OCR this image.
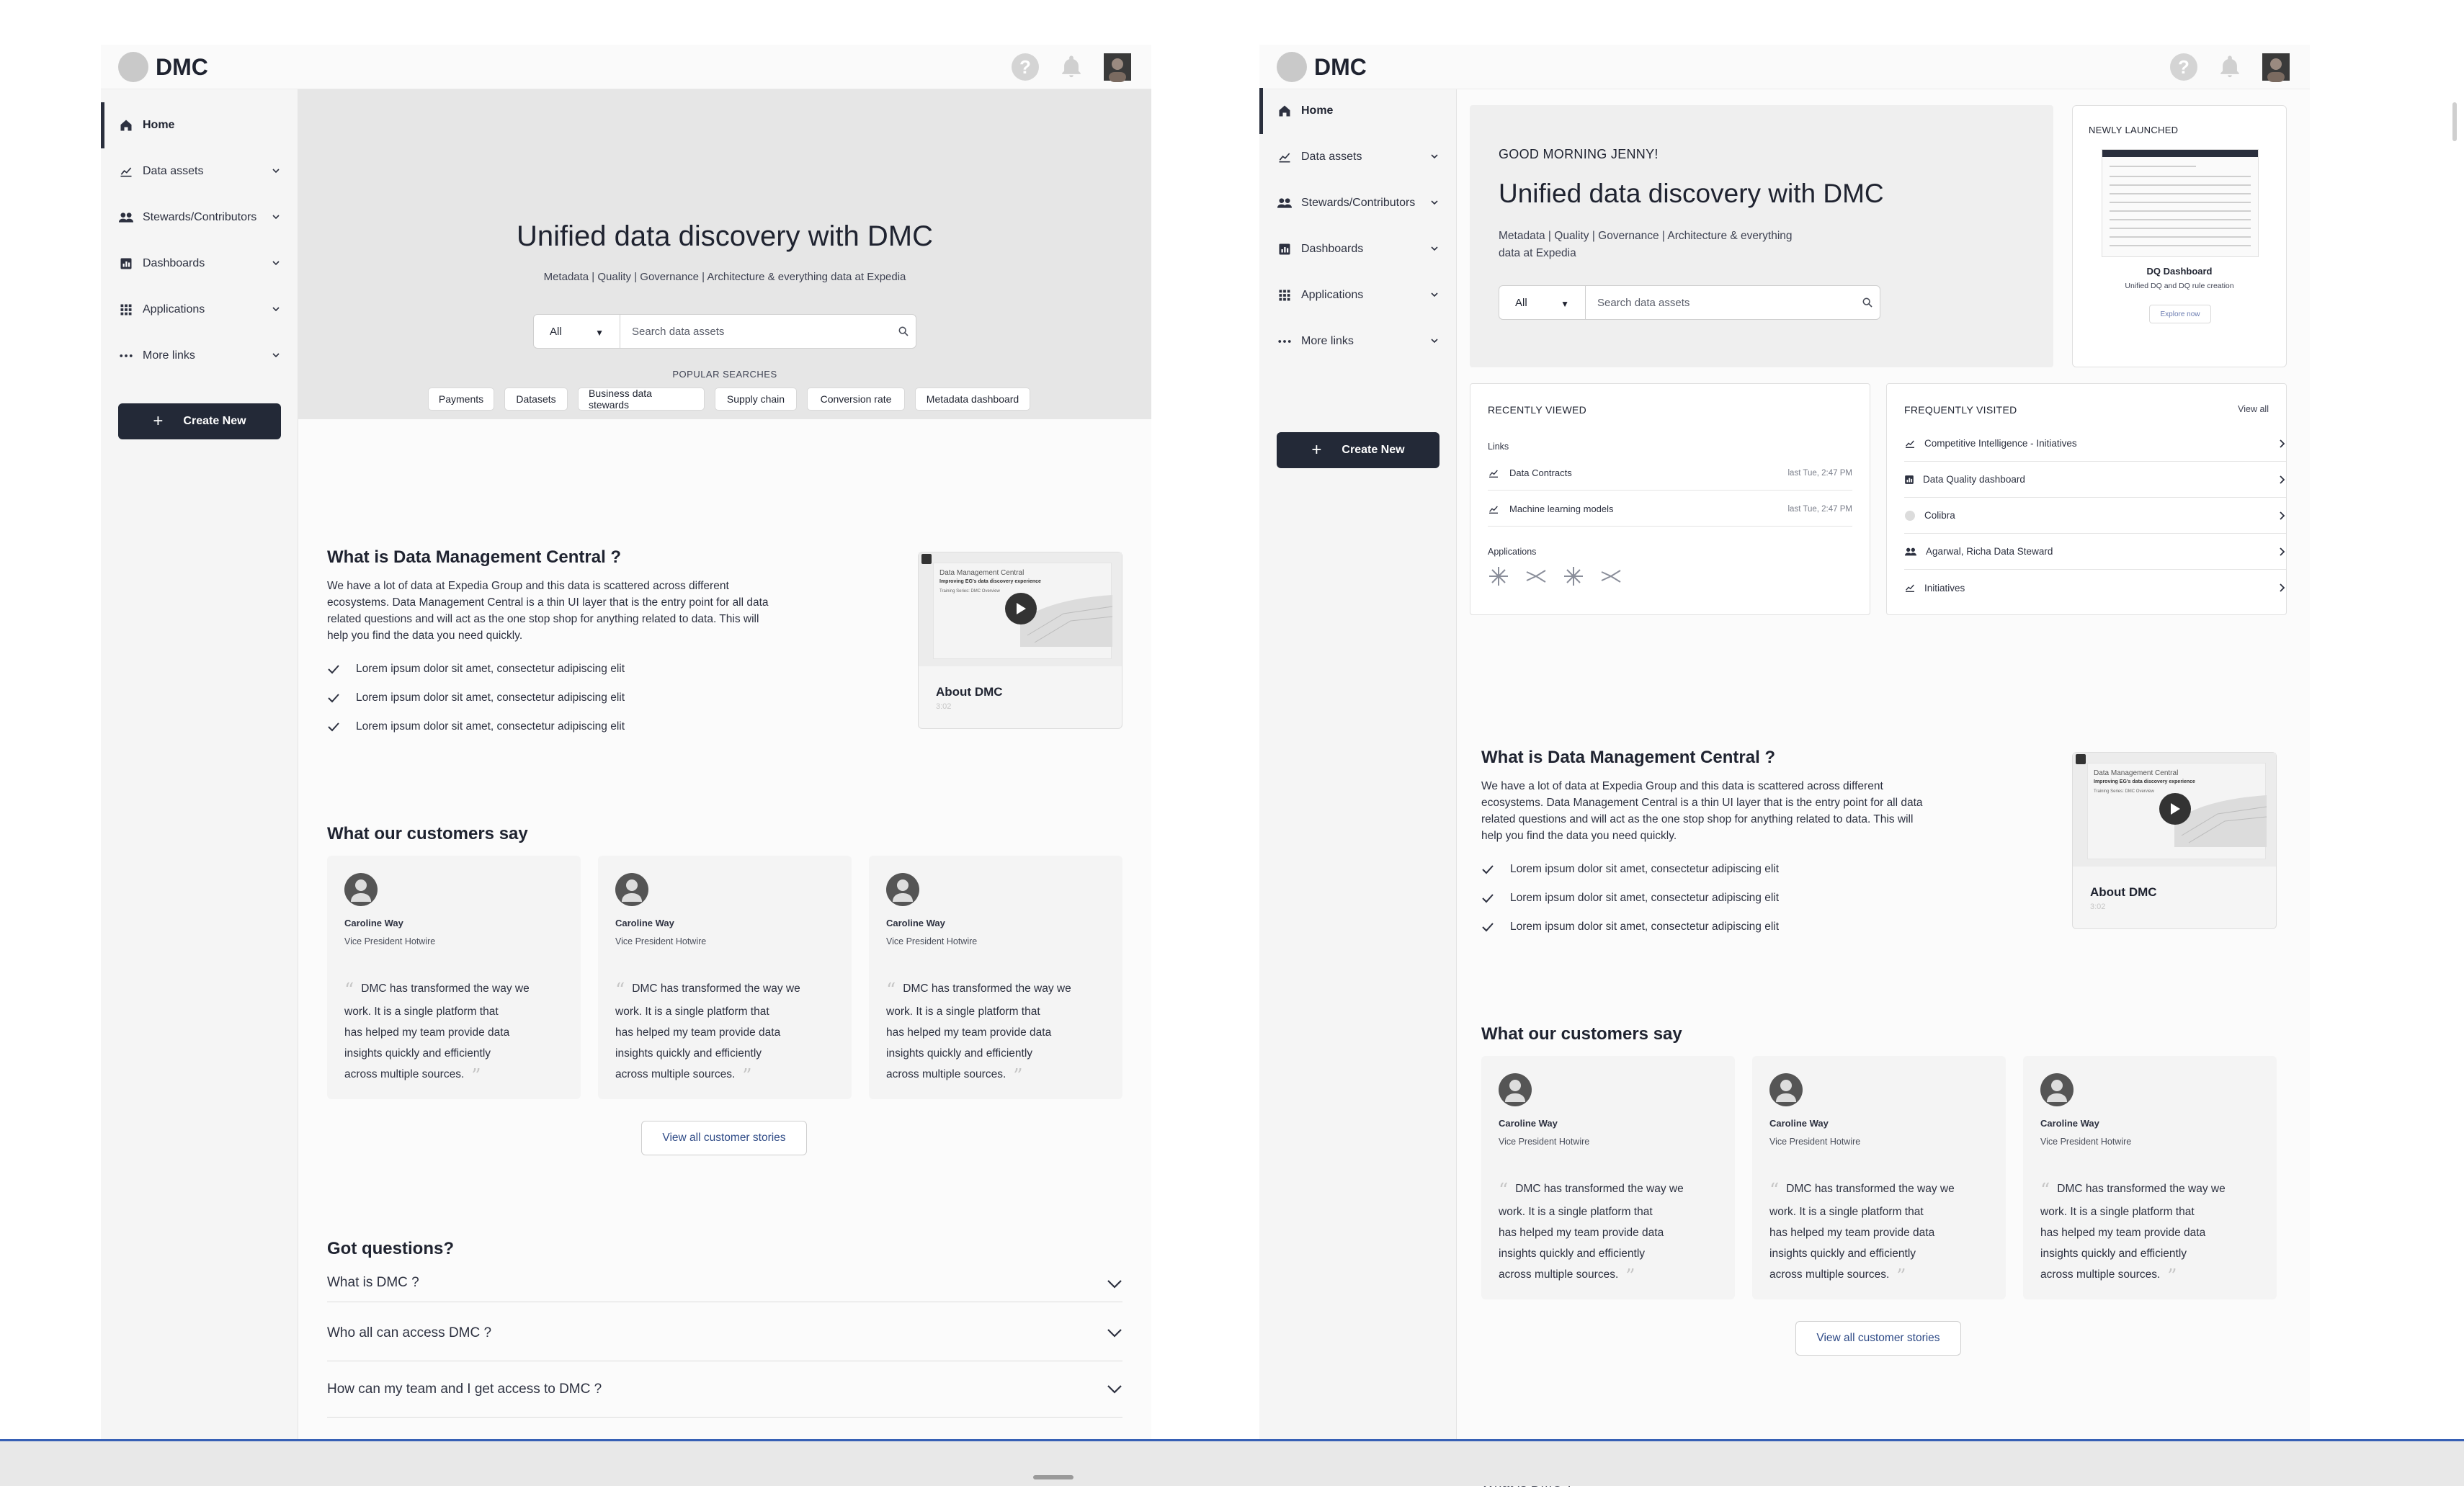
DMC	?
Home
Data assets
Stewards/Contributors
Dashboards
Applications
More links
+ Create New
Unified data discovery with DMC
Metadata | Quality | Governance | Architecture & everything data at Expedia
All	▼	Search data assets
POPULAR SEARCHES
Payments	Datasets	Business data stewards	Supply chain	Conversion rate	Metadata dashboard
What is Data Management Central ?
We have a lot of data at Expedia Group and this data is scattered across different
ecosystems. Data Management Central is a thin UI layer that is the entry point for all data
related questions and will act as the one stop shop for anything related to data. This will
help you find the data you need quickly.
Lorem ipsum dolor sit amet, consectetur adipiscing elit
Lorem ipsum dolor sit amet, consectetur adipiscing elit
Lorem ipsum dolor sit amet, consectetur adipiscing elit
Data Management Central
Improving EG's data discovery experience
Training Series: DMC Overview
About DMC
3:02
What our customers say
Caroline Way
Vice President Hotwire
“ DMC has transformed the way we
work. It is a single platform that
has helped my team provide data
insights quickly and efficiently
across multiple sources. ”
Caroline Way
Vice President Hotwire
“ DMC has transformed the way we
work. It is a single platform that
has helped my team provide data
insights quickly and efficiently
across multiple sources. ”
Caroline Way
Vice President Hotwire
“ DMC has transformed the way we
work. It is a single platform that
has helped my team provide data
insights quickly and efficiently
across multiple sources. ”
View all customer stories
Got questions?
What is DMC ?
Who all can access DMC ?
How can my team and I get access to DMC ?
DMC	?
Home
Data assets
Stewards/Contributors
Dashboards
Applications
More links
+ Create New
GOOD MORNING JENNY!
Unified data discovery with DMC
Metadata | Quality | Governance | Architecture & everything
data at Expedia
All	▼	Search data assets
NEWLY LAUNCHED
DQ Dashboard
Unified DQ and DQ rule creation
Explore now
RECENTLY VIEWED
Links
Data Contracts	last Tue, 2:47 PM
Machine learning models	last Tue, 2:47 PM
Applications
FREQUENTLY VISITED	View all
Competitive Intelligence - Initiatives
Data Quality dashboard
Colibra
Agarwal, Richa Data Steward
Initiatives
What is Data Management Central ?
We have a lot of data at Expedia Group and this data is scattered across different
ecosystems. Data Management Central is a thin UI layer that is the entry point for all data
related questions and will act as the one stop shop for anything related to data. This will
help you find the data you need quickly.
Lorem ipsum dolor sit amet, consectetur adipiscing elit
Lorem ipsum dolor sit amet, consectetur adipiscing elit
Lorem ipsum dolor sit amet, consectetur adipiscing elit
Data Management Central
Improving EG's data discovery experience
Training Series: DMC Overview
About DMC
3:02
What our customers say
Caroline Way
Vice President Hotwire
“ DMC has transformed the way we
work. It is a single platform that
has helped my team provide data
insights quickly and efficiently
across multiple sources. ”
Caroline Way
Vice President Hotwire
“ DMC has transformed the way we
work. It is a single platform that
has helped my team provide data
insights quickly and efficiently
across multiple sources. ”
Caroline Way
Vice President Hotwire
“ DMC has transformed the way we
work. It is a single platform that
has helped my team provide data
insights quickly and efficiently
across multiple sources. ”
View all customer stories
